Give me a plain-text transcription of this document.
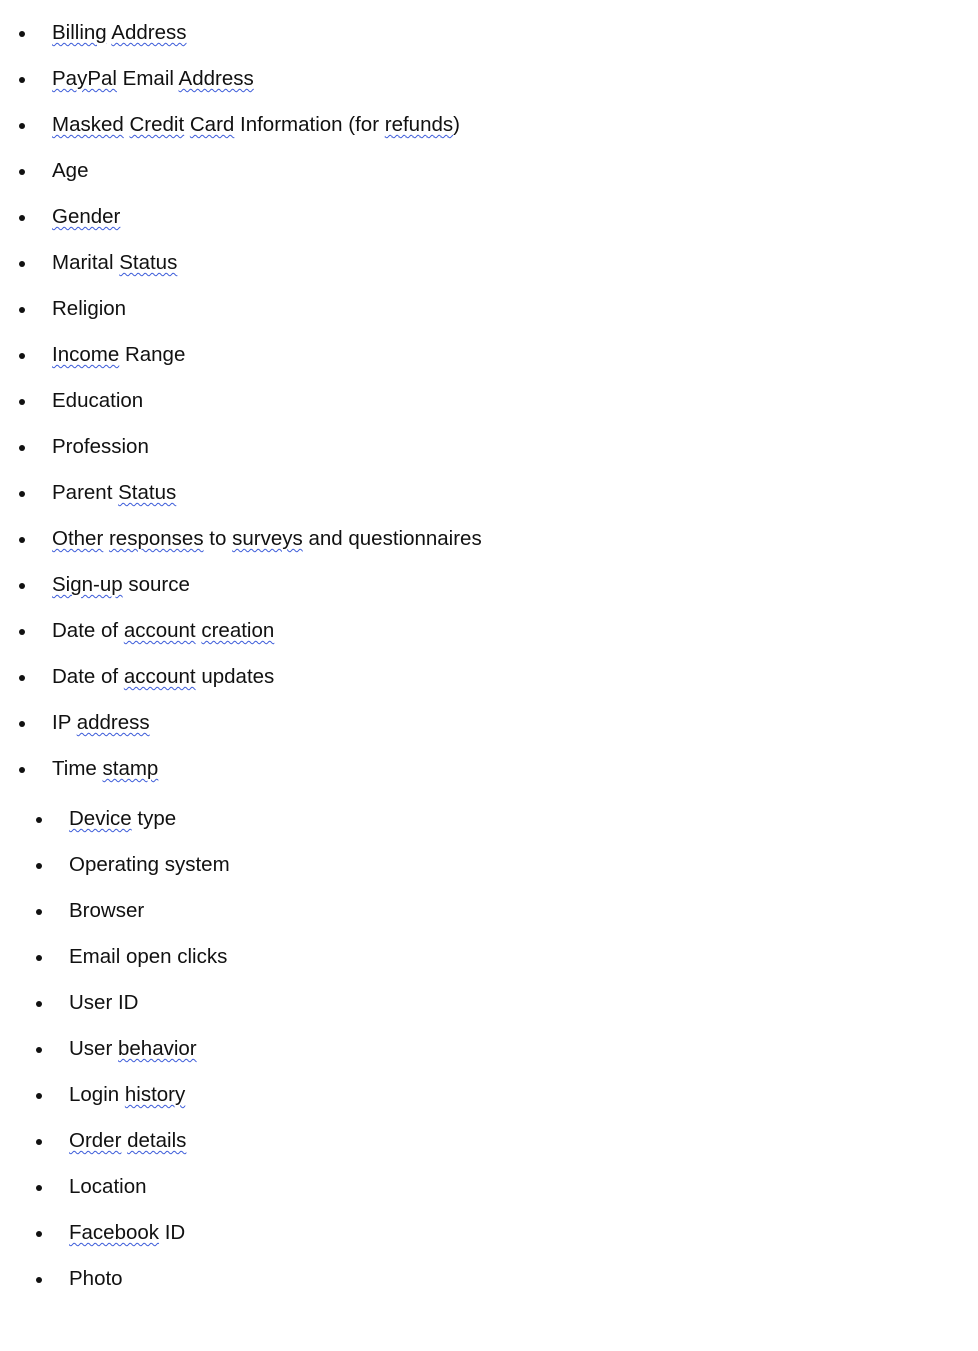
Billing Address
PayPal Email Address
Masked Credit Card Information (for refunds)
Age
Gender
Marital Status
Religion
Income Range
Education
Profession
Parent Status
Other responses to surveys and questionnaires
Sign-up source
Date of account creation
Date of account updates
IP address
Time stamp
Device type
Operating system
Browser
Email open clicks
User ID
User behavior
Login history
Order details
Location
Facebook ID
Photo
